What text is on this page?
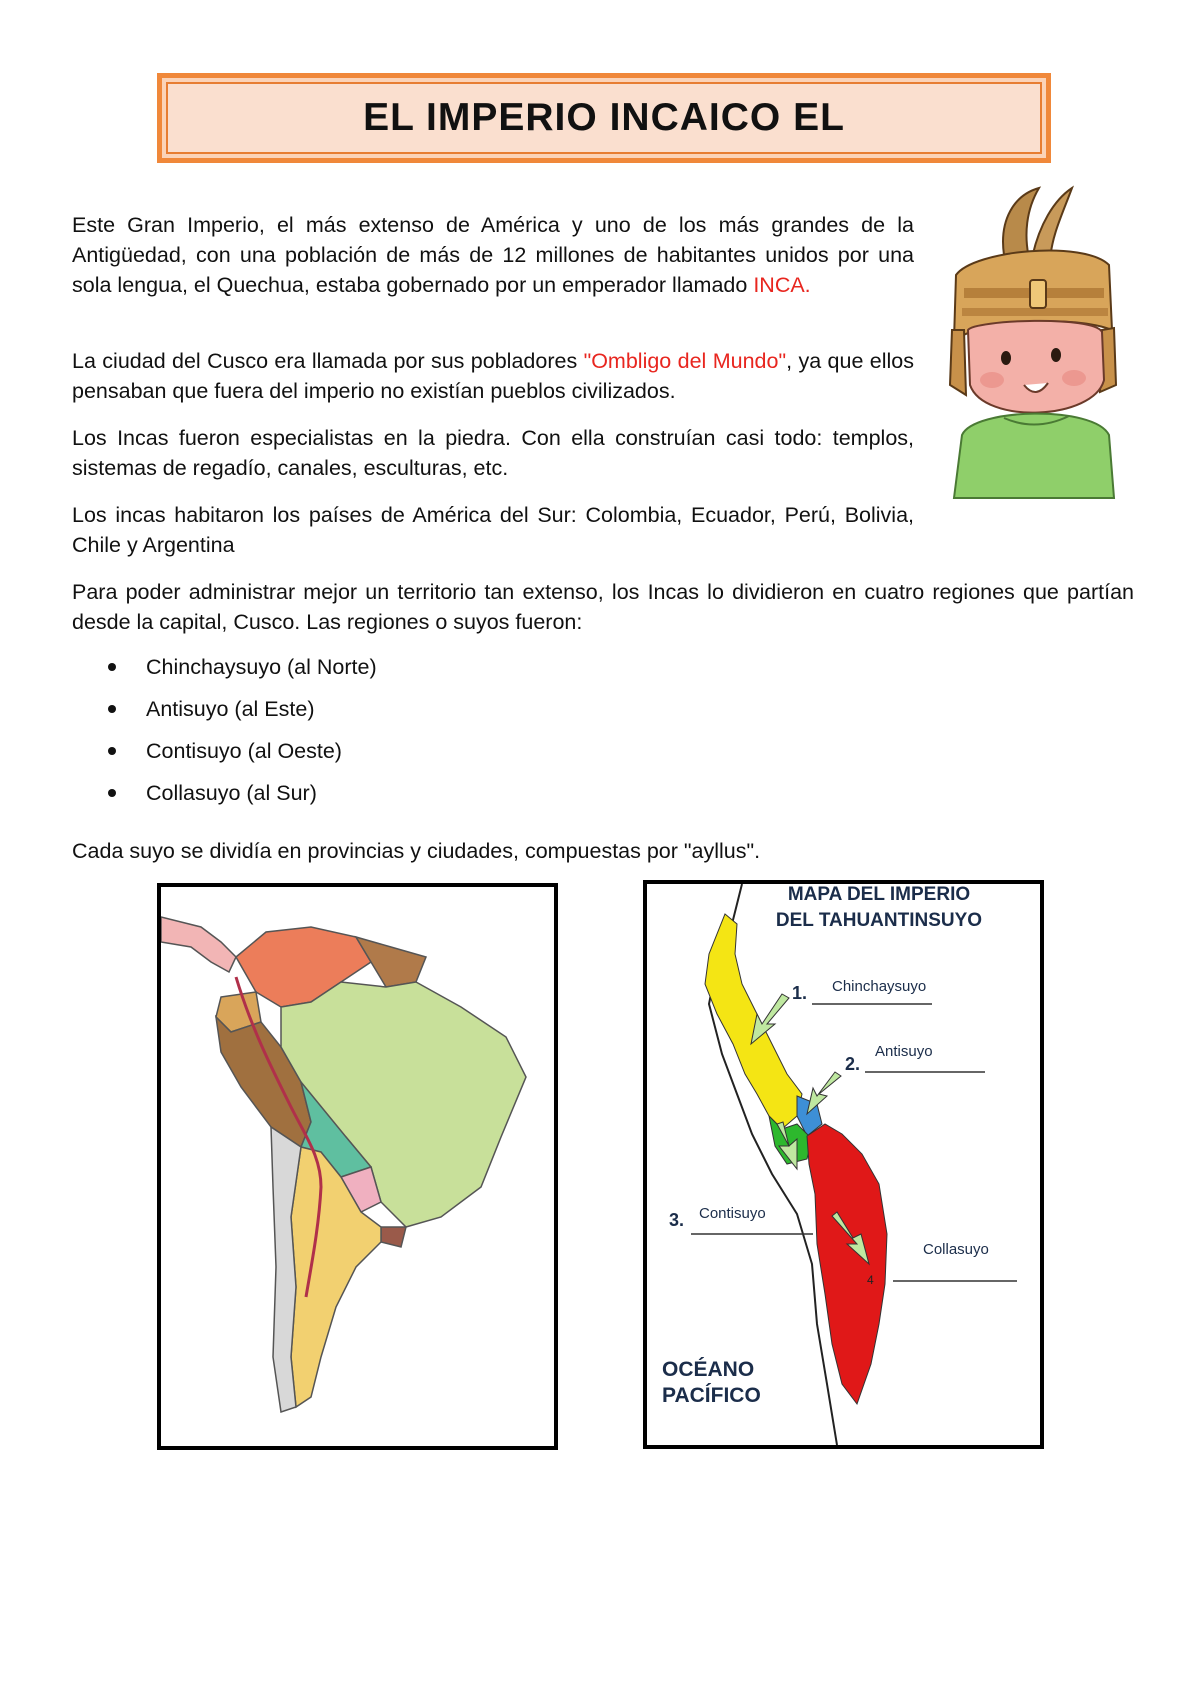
EL IMPERIO INCAICO EL

Este Gran Imperio, el más extenso de América y uno de los más grandes de la Antigüedad, con una población de más de 12 millones de habitantes unidos por una sola lengua, el Quechua, estaba gobernado por un emperador llamado INCA.

La ciudad del Cusco era llamada por sus pobladores "Ombligo del Mundo", ya que ellos pensaban que fuera del imperio no existían pueblos civilizados.

Los Incas fueron especialistas en la piedra. Con ella construían casi todo: templos, sistemas de regadío, canales, esculturas, etc.

Los incas habitaron los países de América del Sur: Colombia, Ecuador, Perú, Bolivia, Chile y Argentina

Para poder administrar mejor un territorio tan extenso, los Incas lo dividieron en cuatro regiones que partían desde la capital, Cusco. Las regiones o suyos fueron:

Chinchaysuyo (al Norte)
Antisuyo (al Este)
Contisuyo (al Oeste)
Collasuyo (al Sur)

Cada suyo se dividía en provincias y ciudades, compuestas por "ayllus".

MAPA DEL IMPERIO
DEL TAHUANTINSUYO
1. Chinchaysuyo
2.
Antisuyo
3. Contisuyo
4
Collasuyo
OCÉANO
PACÍFICO
